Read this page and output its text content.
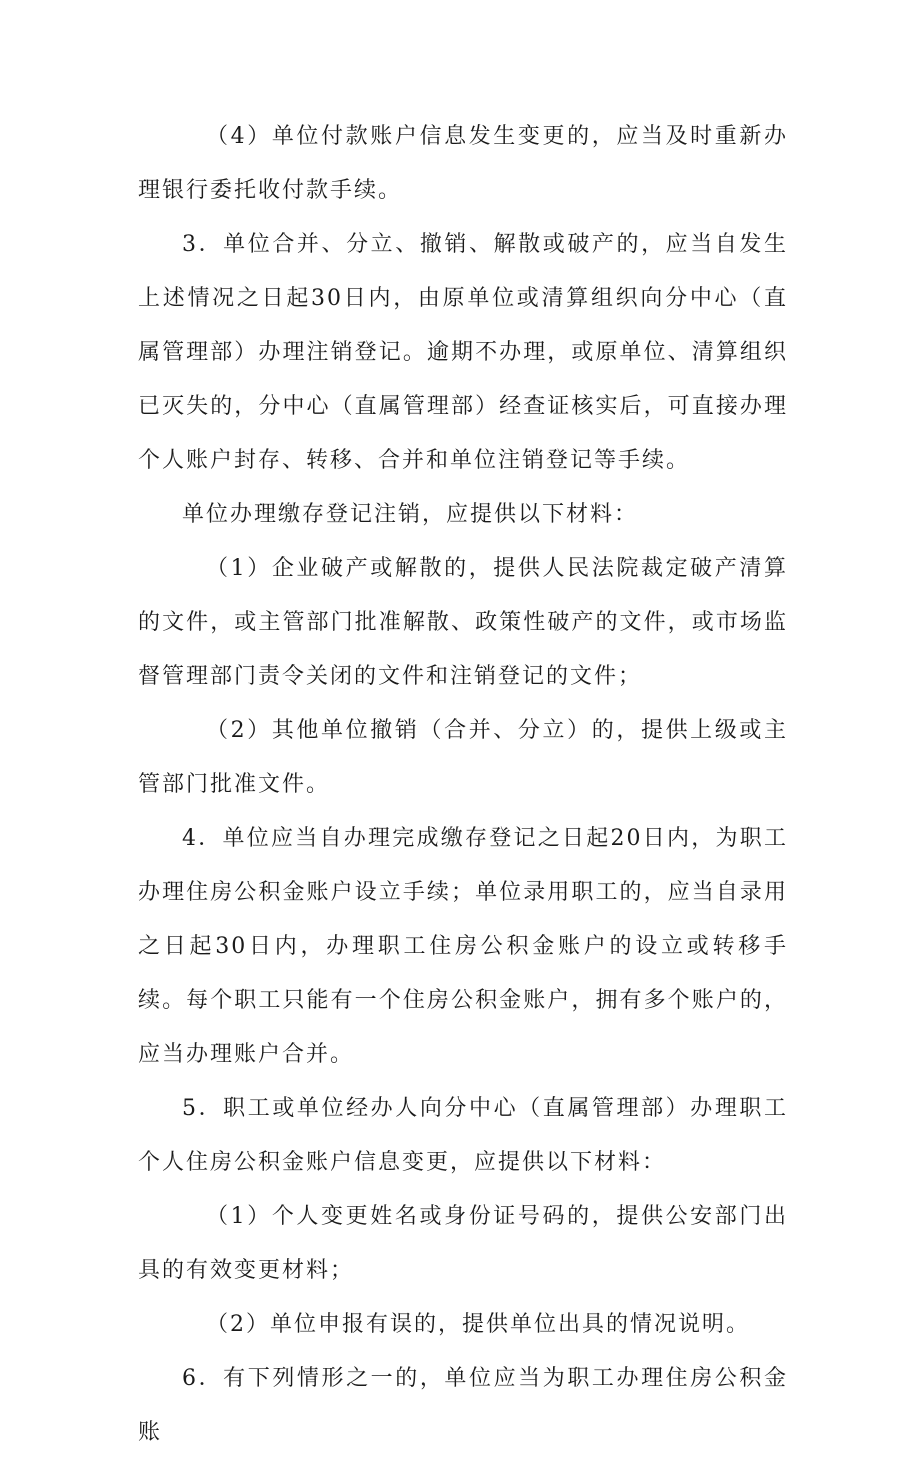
（4）单位付款账户信息发生变更的，应当及时重新办理银行委托收付款手续。

3．单位合并、分立、撤销、解散或破产的，应当自发生上述情况之日起30日内，由原单位或清算组织向分中心（直属管理部）办理注销登记。逾期不办理，或原单位、清算组织已灭失的，分中心（直属管理部）经查证核实后，可直接办理个人账户封存、转移、合并和单位注销登记等手续。

单位办理缴存登记注销，应提供以下材料：

（1）企业破产或解散的，提供人民法院裁定破产清算的文件，或主管部门批准解散、政策性破产的文件，或市场监督管理部门责令关闭的文件和注销登记的文件；

（2）其他单位撤销（合并、分立）的，提供上级或主管部门批准文件。

4．单位应当自办理完成缴存登记之日起20日内，为职工办理住房公积金账户设立手续；单位录用职工的，应当自录用之日起30日内，办理职工住房公积金账户的设立或转移手续。每个职工只能有一个住房公积金账户，拥有多个账户的，应当办理账户合并。

5．职工或单位经办人向分中心（直属管理部）办理职工个人住房公积金账户信息变更，应提供以下材料：

（1）个人变更姓名或身份证号码的，提供公安部门出具的有效变更材料；

（2）单位申报有误的，提供单位出具的情况说明。

6．有下列情形之一的，单位应当为职工办理住房公积金账
